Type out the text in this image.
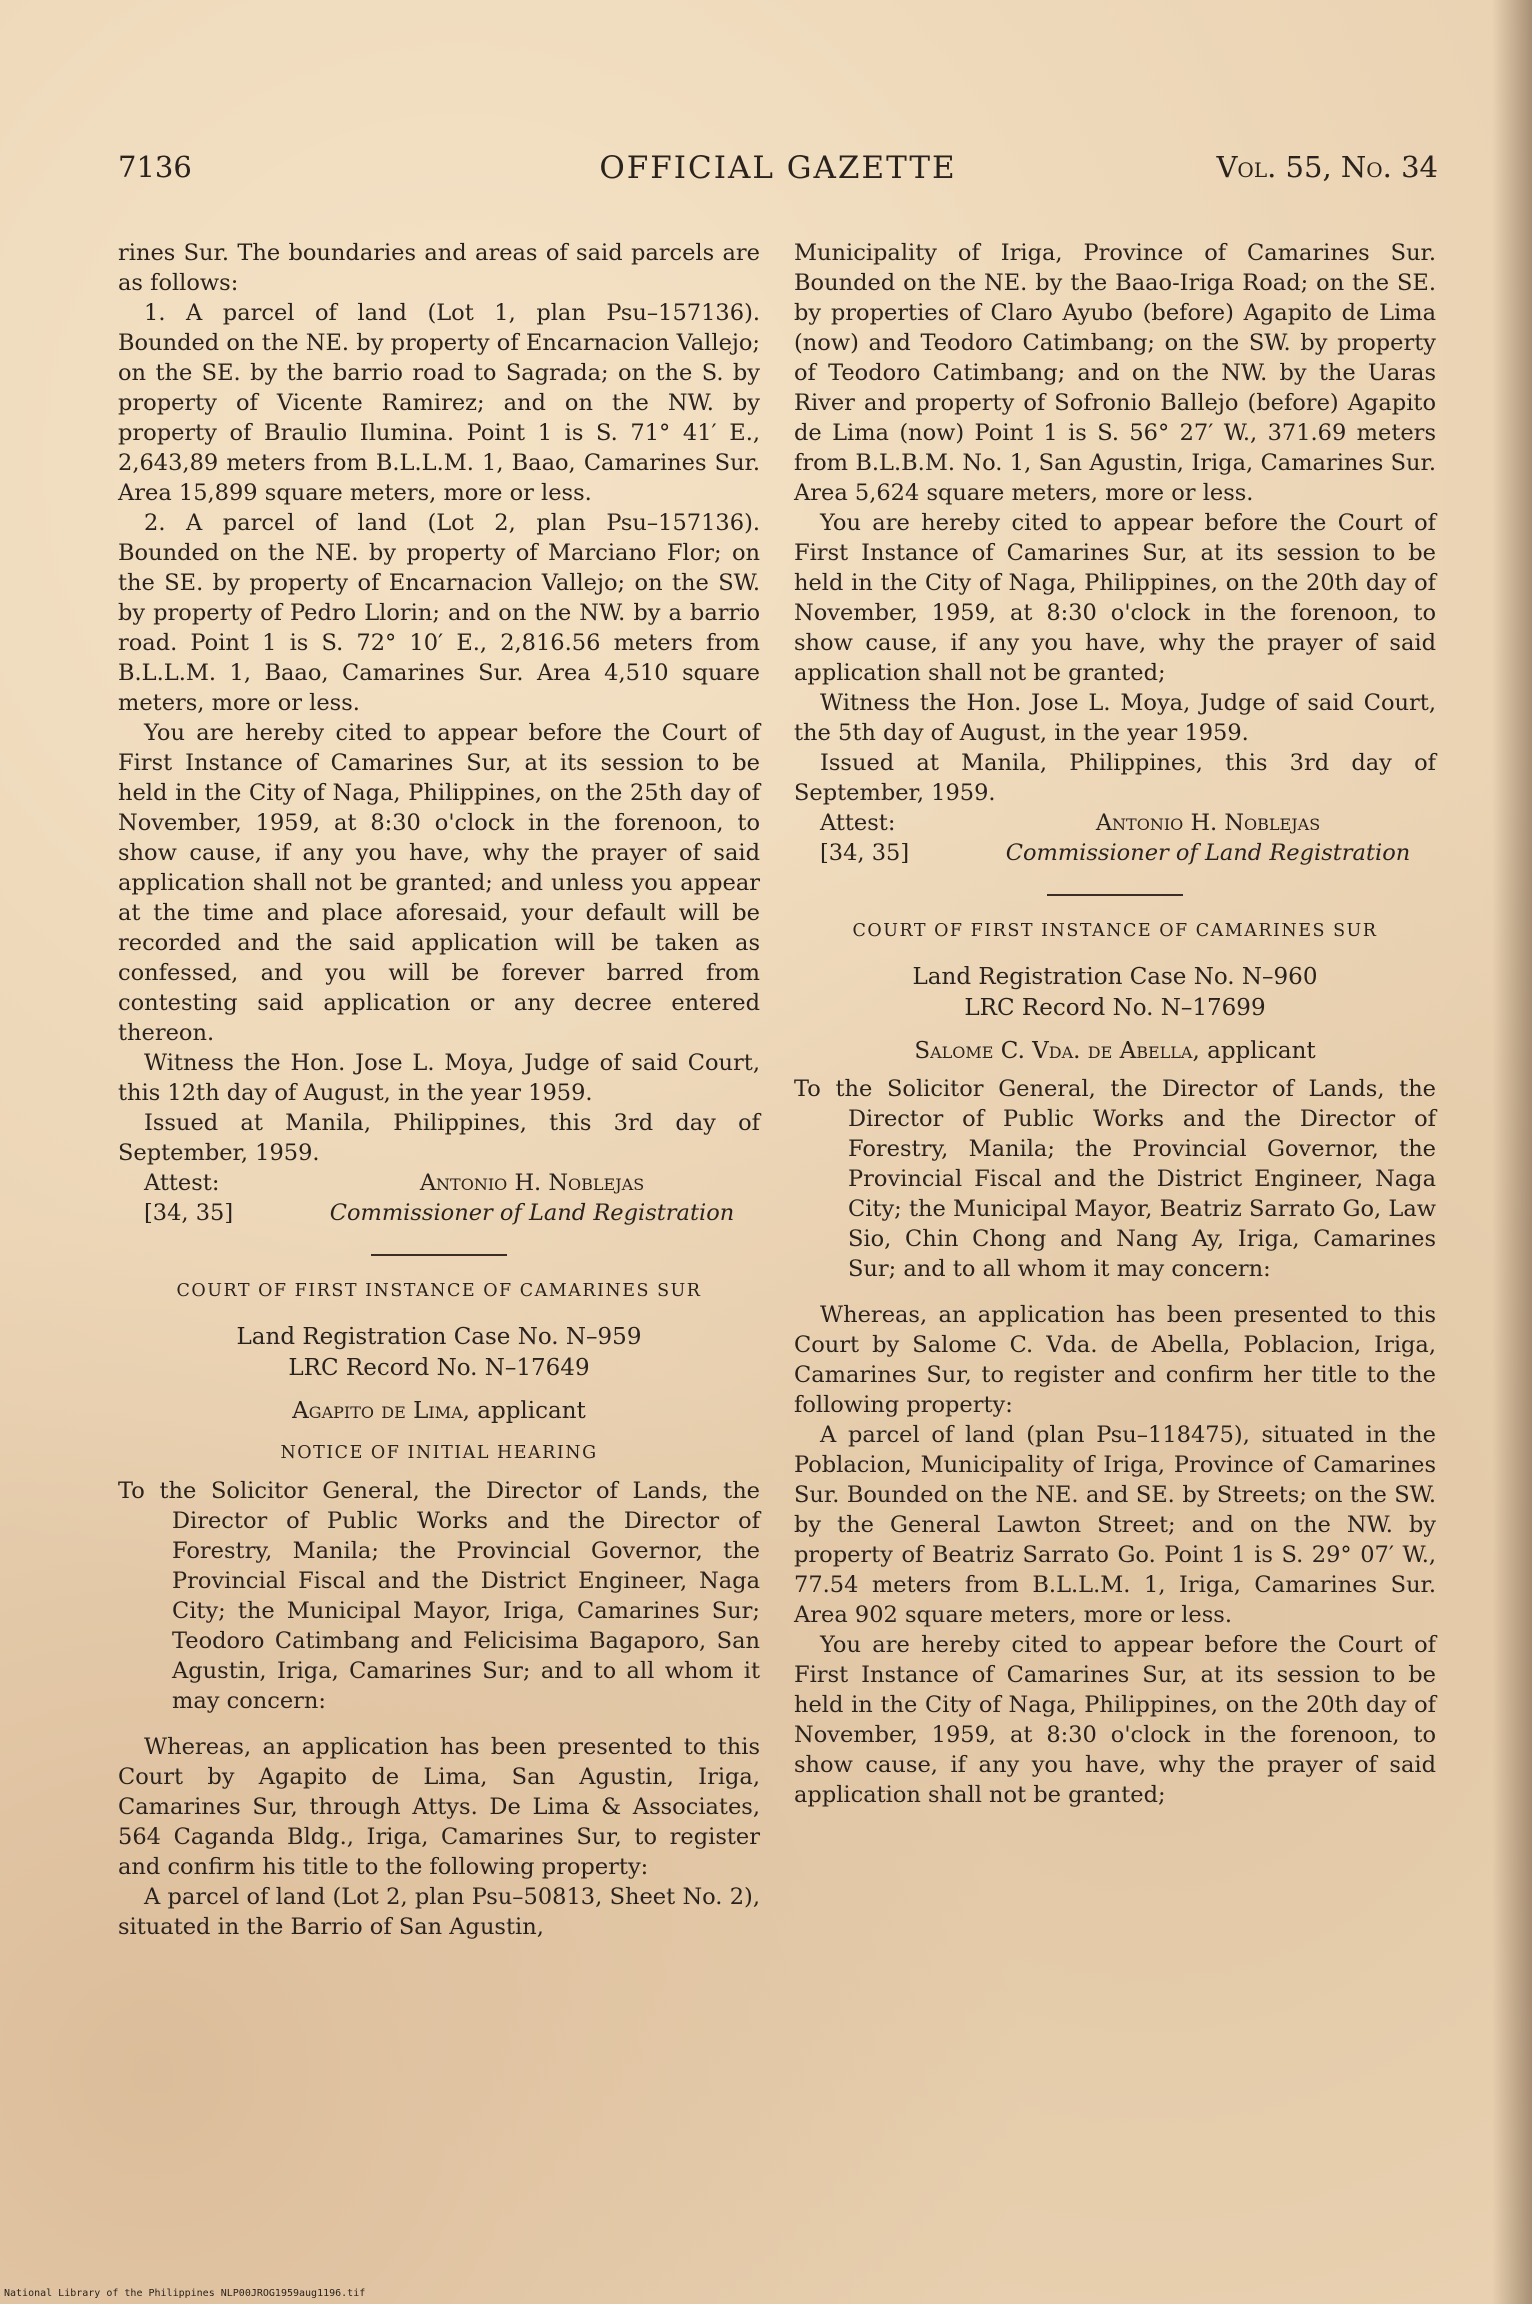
7136	OFFICIAL GAZETTE	Vol. 55, No. 34

rines Sur. The boundaries and areas of said parcels are as follows:

1. A parcel of land (Lot 1, plan Psu–157136). Bounded on the NE. by property of Encarnacion Vallejo; on the SE. by the barrio road to Sagrada; on the S. by property of Vicente Ramirez; and on the NW. by property of Braulio Ilumina. Point 1 is S. 71° 41′ E., 2,643,89 meters from B.L.L.M. 1, Baao, Camarines Sur. Area 15,899 square meters, more or less.

2. A parcel of land (Lot 2, plan Psu–157136). Bounded on the NE. by property of Marciano Flor; on the SE. by property of Encarnacion Vallejo; on the SW. by property of Pedro Llorin; and on the NW. by a barrio road. Point 1 is S. 72° 10′ E., 2,816.56 meters from B.L.L.M. 1, Baao, Camarines Sur. Area 4,510 square meters, more or less.

You are hereby cited to appear before the Court of First Instance of Camarines Sur, at its session to be held in the City of Naga, Philippines, on the 25th day of November, 1959, at 8:30 o'clock in the forenoon, to show cause, if any you have, why the prayer of said application shall not be granted; and unless you appear at the time and place aforesaid, your default will be recorded and the said application will be taken as confessed, and you will be forever barred from contesting said application or any decree entered thereon.

Witness the Hon. Jose L. Moya, Judge of said Court, this 12th day of August, in the year 1959.

Issued at Manila, Philippines, this 3rd day of September, 1959.

Attest:	Antonio H. Noblejas
[34, 35]	Commissioner of Land Registration
COURT OF FIRST INSTANCE OF CAMARINES SUR
Land Registration Case No. N–959
LRC Record No. N–17649
Agapito de Lima, applicant
NOTICE OF INITIAL HEARING

To the Solicitor General, the Director of Lands, the Director of Public Works and the Director of Forestry, Manila; the Provincial Governor, the Provincial Fiscal and the District Engineer, Naga City; the Municipal Mayor, Iriga, Camarines Sur; Teodoro Catimbang and Felicisima Bagaporo, San Agustin, Iriga, Camarines Sur; and to all whom it may concern:

Whereas, an application has been presented to this Court by Agapito de Lima, San Agustin, Iriga, Camarines Sur, through Attys. De Lima & Associates, 564 Caganda Bldg., Iriga, Camarines Sur, to register and confirm his title to the following property:

A parcel of land (Lot 2, plan Psu–50813, Sheet No. 2), situated in the Barrio of San Agustin,

Municipality of Iriga, Province of Camarines Sur. Bounded on the NE. by the Baao-Iriga Road; on the SE. by properties of Claro Ayubo (before) Agapito de Lima (now) and Teodoro Catimbang; on the SW. by property of Teodoro Catimbang; and on the NW. by the Uaras River and property of Sofronio Ballejo (before) Agapito de Lima (now) Point 1 is S. 56° 27′ W., 371.69 meters from B.L.B.M. No. 1, San Agustin, Iriga, Camarines Sur. Area 5,624 square meters, more or less.

You are hereby cited to appear before the Court of First Instance of Camarines Sur, at its session to be held in the City of Naga, Philippines, on the 20th day of November, 1959, at 8:30 o'clock in the forenoon, to show cause, if any you have, why the prayer of said application shall not be granted;

Witness the Hon. Jose L. Moya, Judge of said Court, the 5th day of August, in the year 1959.

Issued at Manila, Philippines, this 3rd day of September, 1959.

Attest:	Antonio H. Noblejas
[34, 35]	Commissioner of Land Registration
COURT OF FIRST INSTANCE OF CAMARINES SUR
Land Registration Case No. N–960
LRC Record No. N–17699
Salome C. Vda. de Abella, applicant

To the Solicitor General, the Director of Lands, the Director of Public Works and the Director of Forestry, Manila; the Provincial Governor, the Provincial Fiscal and the District Engineer, Naga City; the Municipal Mayor, Beatriz Sarrato Go, Law Sio, Chin Chong and Nang Ay, Iriga, Camarines Sur; and to all whom it may concern:

Whereas, an application has been presented to this Court by Salome C. Vda. de Abella, Poblacion, Iriga, Camarines Sur, to register and confirm her title to the following property:

A parcel of land (plan Psu–118475), situated in the Poblacion, Municipality of Iriga, Province of Camarines Sur. Bounded on the NE. and SE. by Streets; on the SW. by the General Lawton Street; and on the NW. by property of Beatriz Sarrato Go. Point 1 is S. 29° 07′ W., 77.54 meters from B.L.L.M. 1, Iriga, Camarines Sur. Area 902 square meters, more or less.

You are hereby cited to appear before the Court of First Instance of Camarines Sur, at its session to be held in the City of Naga, Philippines, on the 20th day of November, 1959, at 8:30 o'clock in the forenoon, to show cause, if any you have, why the prayer of said application shall not be granted;

National Library of the Philippines NLP00JROG1959aug1196.tif
